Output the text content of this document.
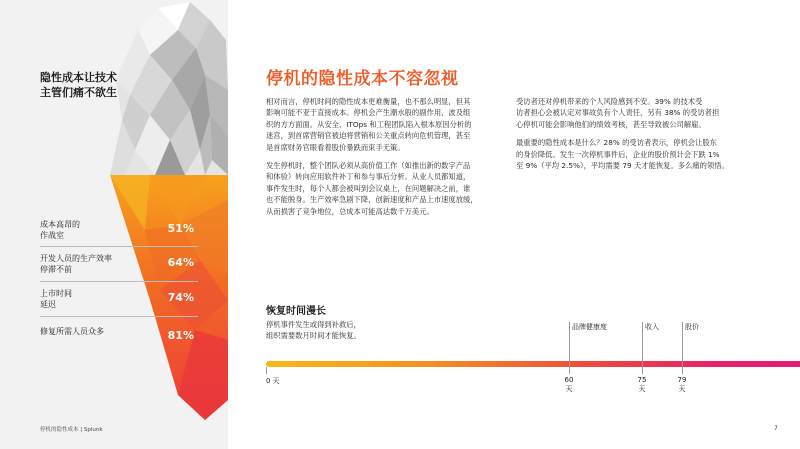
隐性成本让技术
主管们痛不欲生
成本高昂的
作战室
51%
开发人员的生产效率
停滞不前
64%
上市时间
延迟
74%
修复所需人员众多	81%
停机的隐性成本 | Splunk	7
停机的隐性成本不容忽视

相对而言，停机时间的隐性成本更难衡量，也不那么明显，但其
影响可能不亚于直接成本。停机会产生潮水般的副作用，波及组
织的方方面面。从安全、ITOps 和工程团队陷入根本原因分析的
迷宫，到首席营销官被迫将营销和公关重点转向危机管理，甚至
是首席财务官眼看着股价暴跌而束手无策。

发生停机时，整个团队必须从高价值工作（如推出新的数字产品
和体验）转向应用软件补丁和参与事后分析。从业人员都知道，
事件发生时，每个人都会被叫到会议桌上，在问题解决之前，谁
也不能脱身。生产效率急剧下降，创新速度和产品上市速度放缓，
从而损害了竞争地位，总成本可能高达数千万美元。

受访者还对停机带来的个人风险感到不安。39% 的技术受
访者担心会被认定对事故负有个人责任，另有 38% 的受访者担
心停机可能会影响他们的绩效考核，甚至导致被公司解雇。

最重要的隐性成本是什么？28% 的受访者表示，停机会让股东
的身价降低。发生一次停机事件后，企业的股价预计会下跌 1%
至 9%（平均 2.5%），平均需要 79 天才能恢复。多么痛的领悟。

恢复时间漫长
停机事件发生或得到补救后，
组织需要数月时间才能恢复。
0 天
品牌健康度
60
天
收入
75
天
股价
79
天
